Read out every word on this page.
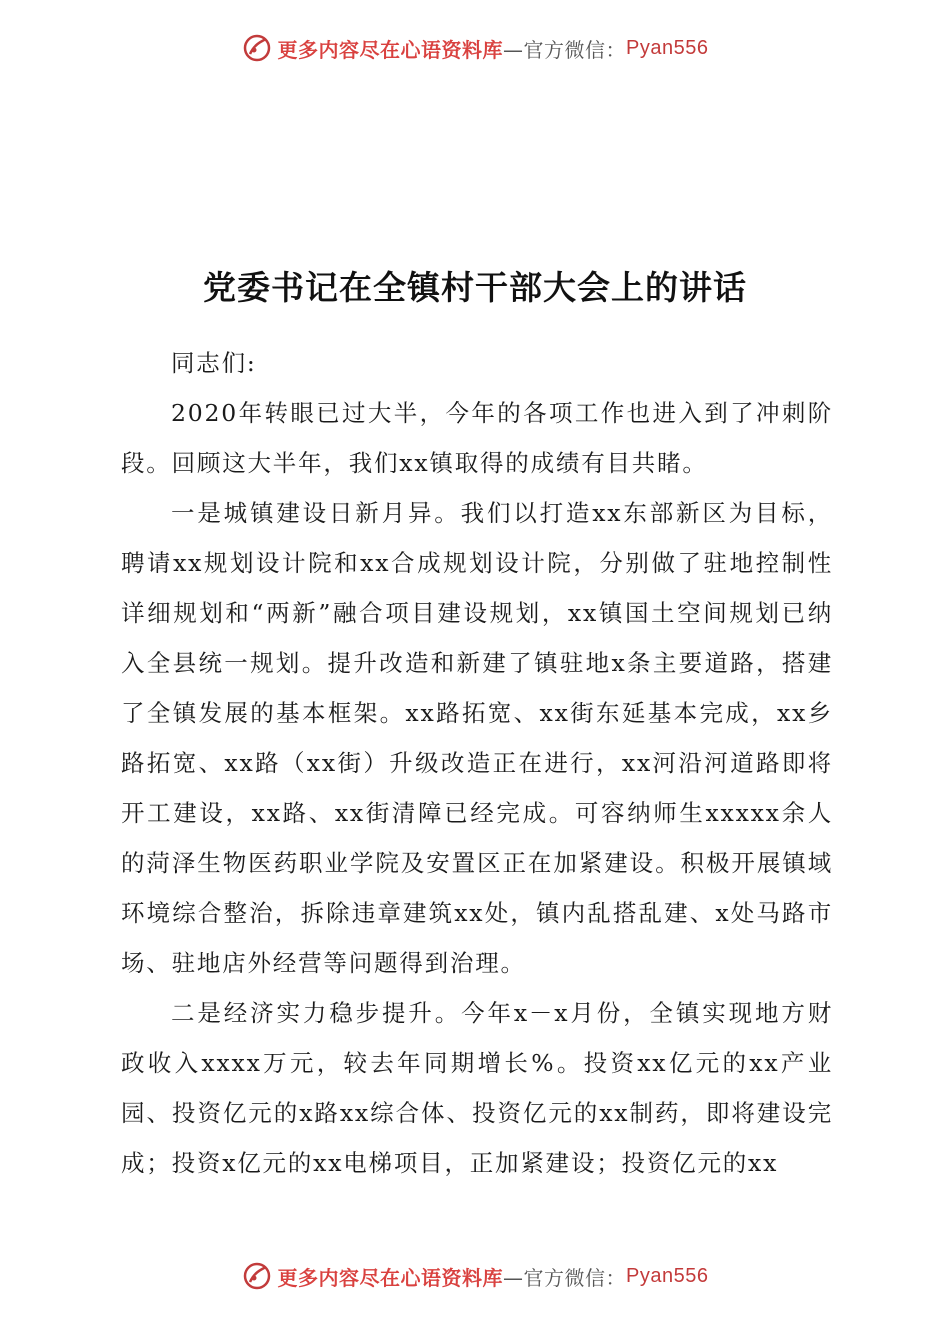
更多内容尽在心语资料库 —官方微信： Pyan556
党委书记在全镇村干部大会上的讲话

同志们:

2020年转眼已过大半，今年的各项工作也进入到了冲刺阶段。回顾这大半年，我们xx镇取得的成绩有目共睹。

一是城镇建设日新月异。我们以打造xx东部新区为目标，聘请xx规划设计院和xx合成规划设计院，分别做了驻地控制性详细规划和“两新”融合项目建设规划，xx镇国土空间规划已纳入全县统一规划。提升改造和新建了镇驻地x条主要道路，搭建了全镇发展的基本框架。xx路拓宽、xx街东延基本完成，xx乡路拓宽、xx路（xx街）升级改造正在进行，xx河沿河道路即将开工建设，xx路、xx街清障已经完成。可容纳师生xxxxx余人的菏泽生物医药职业学院及安置区正在加紧建设。积极开展镇域环境综合整治，拆除违章建筑xx处，镇内乱搭乱建、x处马路市场、驻地店外经营等问题得到治理。

二是经济实力稳步提升。今年x－x月份，全镇实现地方财政收入xxxx万元，较去年同期增长%。投资xx亿元的xx产业园、投资亿元的x路xx综合体、投资亿元的xx制药，即将建设完成；投资x亿元的xx电梯项目，正加紧建设；投资亿元的xx

更多内容尽在心语资料库 —官方微信： Pyan556
